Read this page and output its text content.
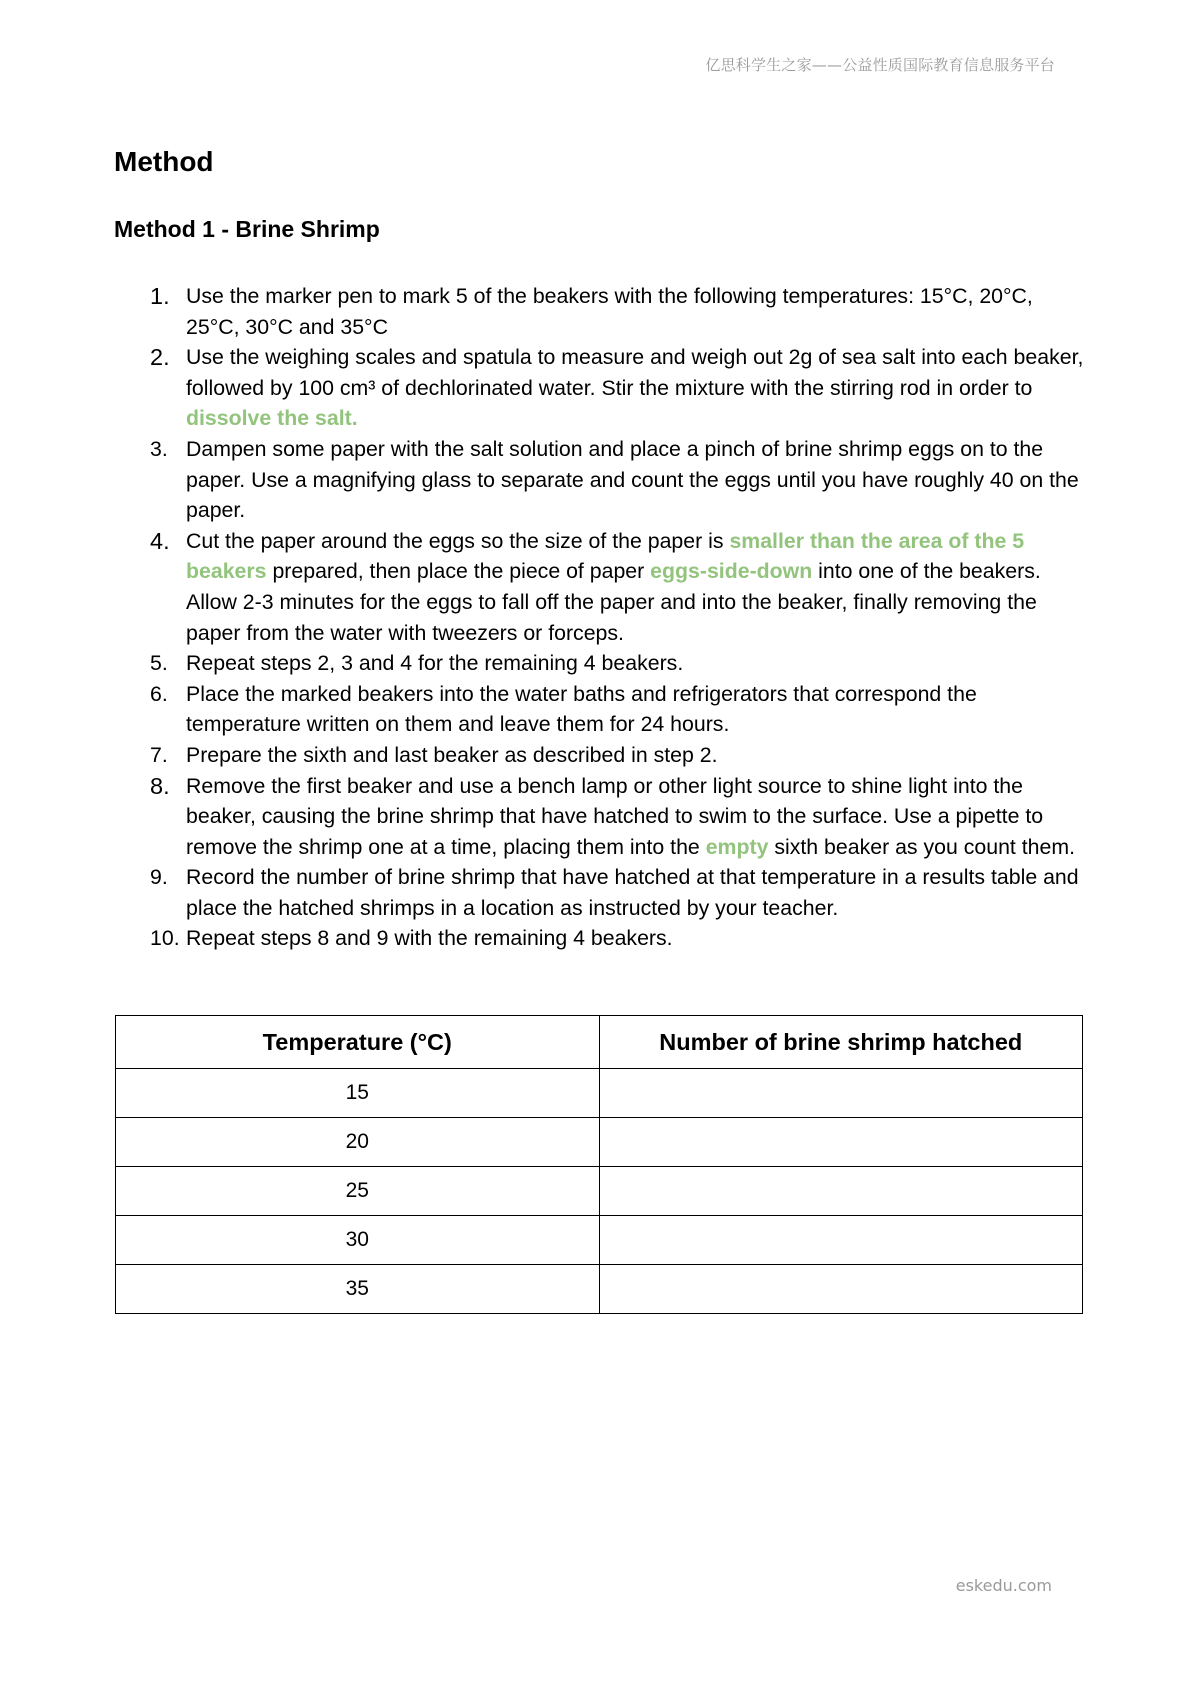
亿思科学生之家——公益性质国际教育信息服务平台
Method
Method 1 - Brine Shrimp
1. Use the marker pen to mark 5 of the beakers with the following temperatures: 15°C, 20°C, 25°C, 30°C and 35°C
2. Use the weighing scales and spatula to measure and weigh out 2g of sea salt into each beaker, followed by 100 cm³ of dechlorinated water. Stir the mixture with the stirring rod in order to dissolve the salt.
3. Dampen some paper with the salt solution and place a pinch of brine shrimp eggs on to the paper. Use a magnifying glass to separate and count the eggs until you have roughly 40 on the paper.
4. Cut the paper around the eggs so the size of the paper is smaller than the area of the 5 beakers prepared, then place the piece of paper eggs-side-down into one of the beakers. Allow 2-3 minutes for the eggs to fall off the paper and into the beaker, finally removing the paper from the water with tweezers or forceps.
5. Repeat steps 2, 3 and 4 for the remaining 4 beakers.
6. Place the marked beakers into the water baths and refrigerators that correspond the temperature written on them and leave them for 24 hours.
7. Prepare the sixth and last beaker as described in step 2.
8. Remove the first beaker and use a bench lamp or other light source to shine light into the beaker, causing the brine shrimp that have hatched to swim to the surface. Use a pipette to remove the shrimp one at a time, placing them into the empty sixth beaker as you count them.
9. Record the number of brine shrimp that have hatched at that temperature in a results table and place the hatched shrimps in a location as instructed by your teacher.
10. Repeat steps 8 and 9 with the remaining 4 beakers.
Temperature (°C)	Number of brine shrimp hatched
15	
20	
25	
30	
35	
eskedu.com
